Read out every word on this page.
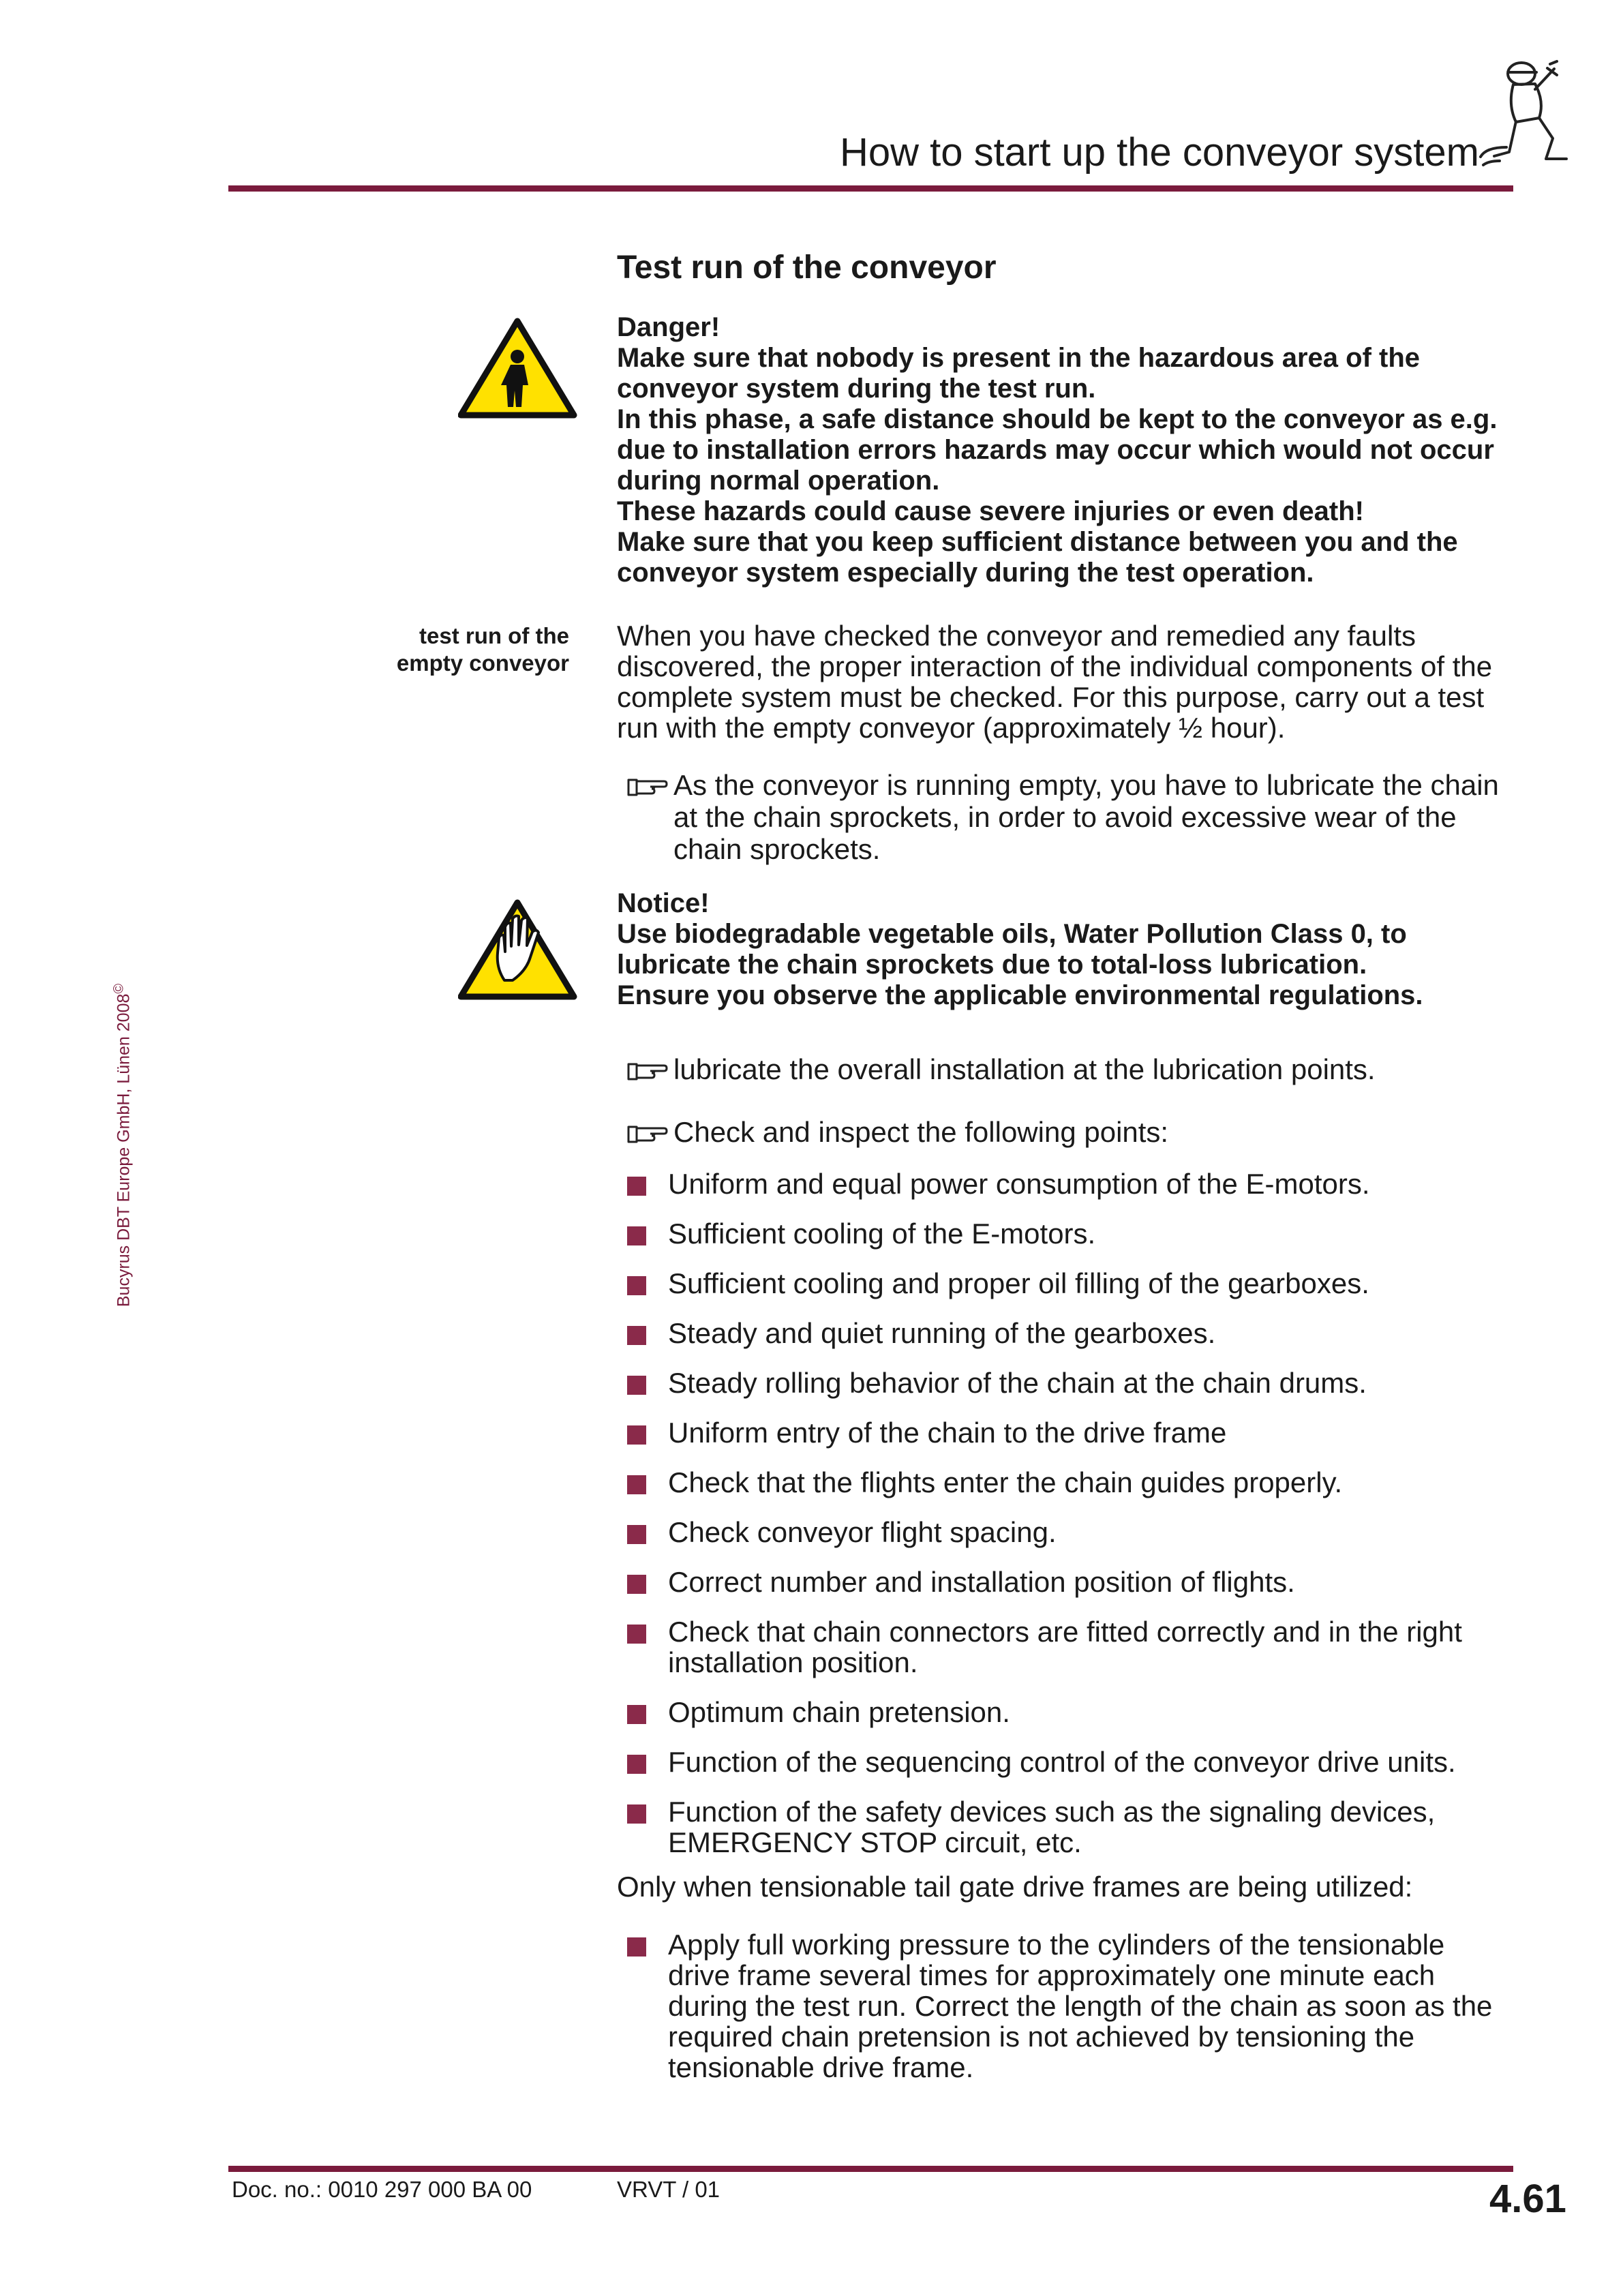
How to start up the conveyor system
Bucyrus DBT Europe GmbH, Lünen 2008©
Test run of the conveyor

Danger!

Make sure that nobody is present in the hazardous area of the conveyor system during the test run.

In this phase, a safe distance should be kept to the conveyor as e.g. due to installation errors hazards may occur which would not occur during normal operation.

These hazards could cause severe injuries or even death!

Make sure that you keep sufficient distance between you and the conveyor system especially during the test operation.

test run of the
empty conveyor
When you have checked the conveyor and remedied any faults discovered, the proper interaction of the individual components of the complete system must be checked. For this purpose, carry out a test run with the empty conveyor (approximately ½ hour).
As the conveyor is running empty, you have to lubricate the chain at the chain sprockets, in order to avoid excessive wear of the chain sprockets.

Notice!

Use biodegradable vegetable oils, Water Pollution Class 0, to lubricate the chain sprockets due to total-loss lubrication.

Ensure you observe the applicable environmental regulations.

lubricate the overall installation at the lubrication points.
Check and inspect the following points:
Uniform and equal power consumption of the E-motors.
Sufficient cooling of the E-motors.
Sufficient cooling and proper oil filling of the gearboxes.
Steady and quiet running of the gearboxes.
Steady rolling behavior of the chain at the chain drums.
Uniform entry of the chain to the drive frame
Check that the flights enter the chain guides properly.
Check conveyor flight spacing.
Correct number and installation position of flights.
Check that chain connectors are fitted correctly and in the right installation position.
Optimum chain pretension.
Function of the sequencing control of the conveyor drive units.
Function of the safety devices such as the signaling devices, EMERGENCY STOP circuit, etc.
Only when tensionable tail gate drive frames are being utilized:
Apply full working pressure to the cylinders of the tensionable drive frame several times for approximately one minute each during the test run. Correct the length of the chain as soon as the required chain pretension is not achieved by tensioning the tensionable drive frame.
Doc. no.: 0010 297 000 BA 00	VRVT / 01	4.61
